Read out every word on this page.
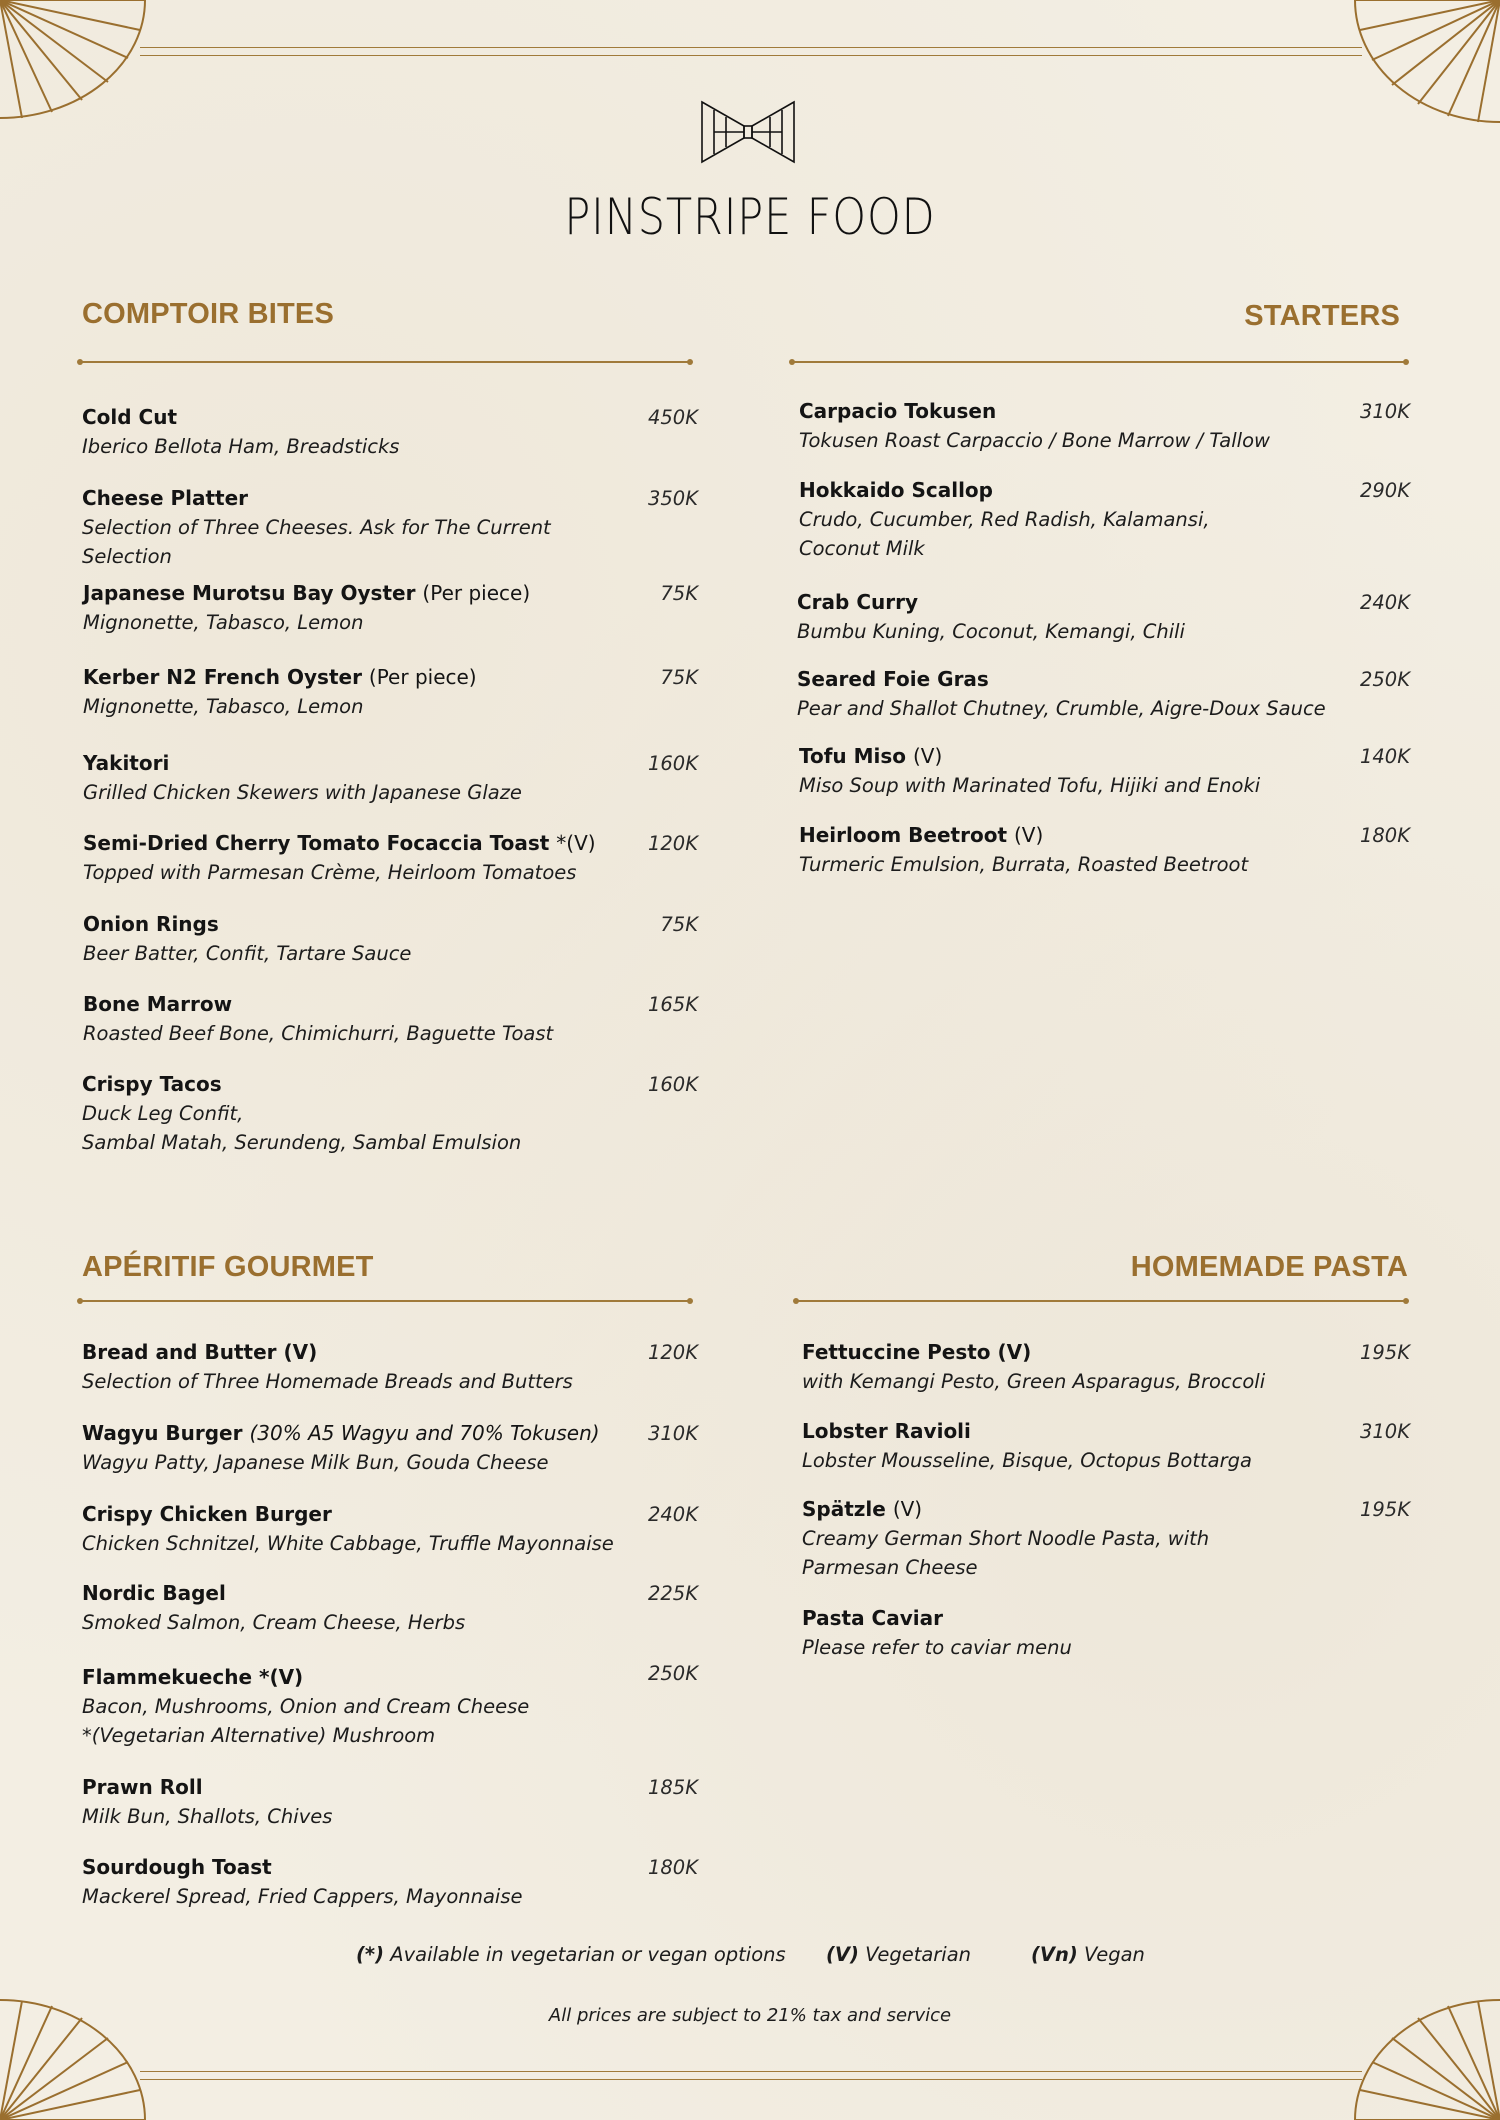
PINSTRIPE FOOD
COMPTOIR BITES	STARTERS
APÉRITIF GOURMET	HOMEMADE PASTA
Cold Cut
Iberico Bellota Ham, Breadsticks
450K
Cheese Platter
Selection of Three Cheeses. Ask for The Current
Selection
350K
Japanese Murotsu Bay Oyster (Per piece)
Mignonette, Tabasco, Lemon
75K
Kerber N2 French Oyster (Per piece)
Mignonette, Tabasco, Lemon
75K
Yakitori
Grilled Chicken Skewers with Japanese Glaze
160K
Semi-Dried Cherry Tomato Focaccia Toast *(V)
Topped with Parmesan Crème, Heirloom Tomatoes
120K
Onion Rings
Beer Batter, Confit, Tartare Sauce
75K
Bone Marrow
Roasted Beef Bone, Chimichurri, Baguette Toast
165K
Crispy Tacos
Duck Leg Confit,
Sambal Matah, Serundeng, Sambal Emulsion
160K
Carpacio Tokusen
Tokusen Roast Carpaccio / Bone Marrow / Tallow
310K
Hokkaido Scallop
Crudo, Cucumber, Red Radish, Kalamansi,
Coconut Milk
290K
Crab Curry
Bumbu Kuning, Coconut, Kemangi, Chili
240K
Seared Foie Gras
Pear and Shallot Chutney, Crumble, Aigre-Doux Sauce
250K
Tofu Miso (V)
Miso Soup with Marinated Tofu, Hijiki and Enoki
140K
Heirloom Beetroot (V)
Turmeric Emulsion, Burrata, Roasted Beetroot
180K
Bread and Butter (V)
Selection of Three Homemade Breads and Butters
120K
Wagyu Burger (30% A5 Wagyu and 70% Tokusen)
Wagyu Patty, Japanese Milk Bun, Gouda Cheese
310K
Crispy Chicken Burger
Chicken Schnitzel, White Cabbage, Truffle Mayonnaise
240K
Nordic Bagel
Smoked Salmon, Cream Cheese, Herbs
225K
Flammekueche *(V)
Bacon, Mushrooms, Onion and Cream Cheese
*(Vegetarian Alternative) Mushroom
250K
Prawn Roll
Milk Bun, Shallots, Chives
185K
Sourdough Toast
Mackerel Spread, Fried Cappers, Mayonnaise
180K
Fettuccine Pesto (V)
with Kemangi Pesto, Green Asparagus, Broccoli
195K
Lobster Ravioli
Lobster Mousseline, Bisque, Octopus Bottarga
310K
Spätzle (V)
Creamy German Short Noodle Pasta, with
Parmesan Cheese
195K
Pasta Caviar
Please refer to caviar menu
(*) Available in vegetarian or vegan options (V) Vegetarian	(Vn) Vegan
All prices are subject to 21% tax and service
